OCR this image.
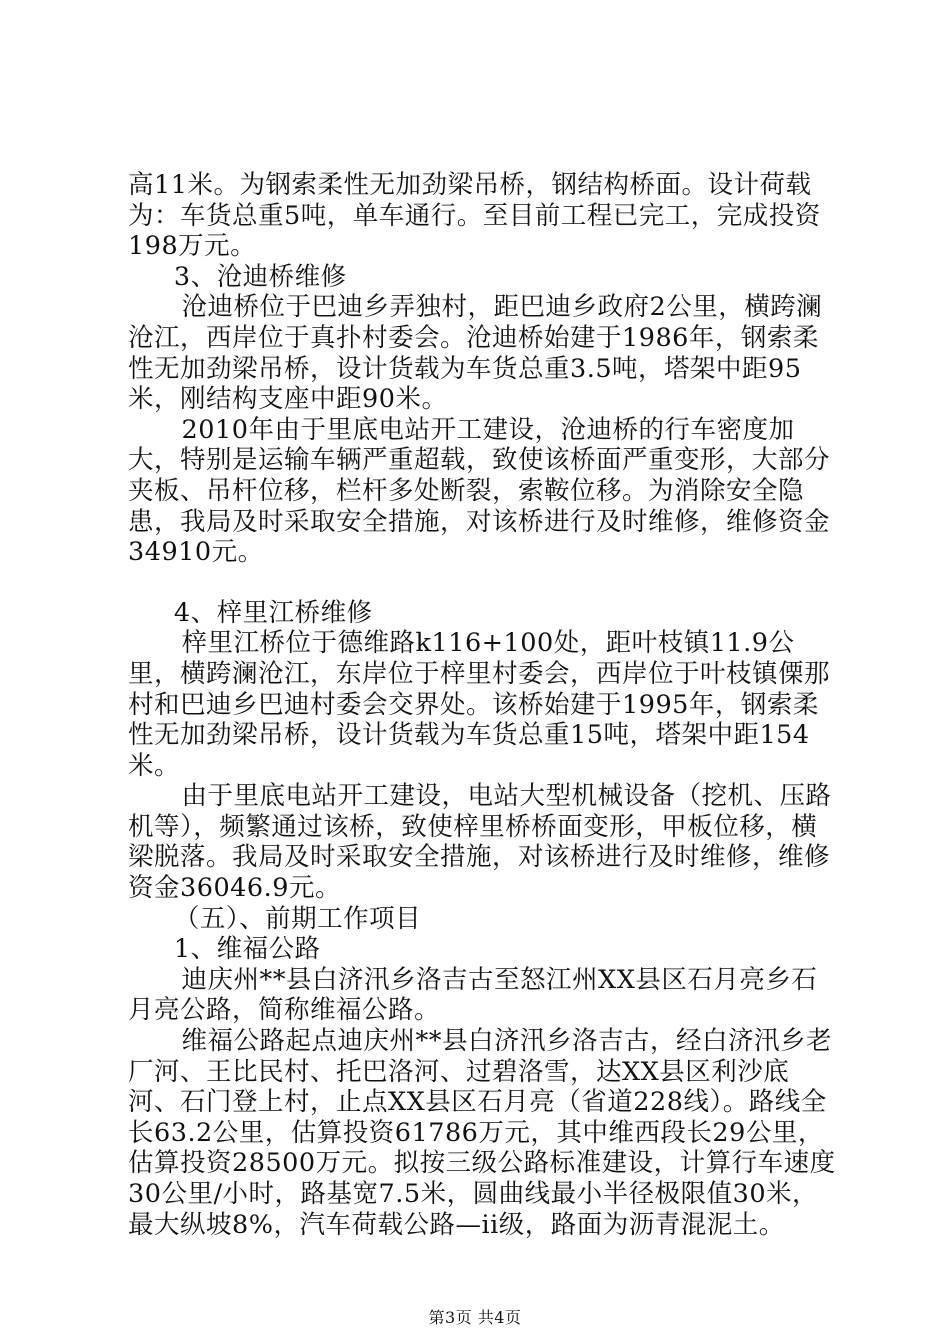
高11米。为钢索柔性无加劲梁吊桥，钢结构桥面。设计荷载为：车货总重5吨，单车通行。至目前工程已完工，完成投资198万元。

3、沧迪桥维修

沧迪桥位于巴迪乡弄独村，距巴迪乡政府2公里，横跨澜沧江，西岸位于真扑村委会。沧迪桥始建于1986年，钢索柔性无加劲梁吊桥，设计货载为车货总重3.5吨，塔架中距95米，刚结构支座中距90米。

2010年由于里底电站开工建设，沧迪桥的行车密度加大，特别是运输车辆严重超载，致使该桥面严重变形，大部分夹板、吊杆位移，栏杆多处断裂，索鞍位移。为消除安全隐患，我局及时采取安全措施，对该桥进行及时维修，维修资金34910元。

4、梓里江桥维修

梓里江桥位于德维路k116+100处，距叶枝镇11.9公里，横跨澜沧江，东岸位于梓里村委会，西岸位于叶枝镇傈那村和巴迪乡巴迪村委会交界处。该桥始建于1995年，钢索柔性无加劲梁吊桥，设计货载为车货总重15吨，塔架中距154米。

由于里底电站开工建设，电站大型机械设备（挖机、压路机等），频繁通过该桥，致使梓里桥桥面变形，甲板位移，横梁脱落。我局及时采取安全措施，对该桥进行及时维修，维修资金36046.9元。

（五）、前期工作项目

1、维福公路

迪庆州**县白济汛乡洛吉古至怒江州XX县区石月亮乡石月亮公路，简称维福公路。

维福公路起点迪庆州**县白济汛乡洛吉古，经白济汛乡老厂河、王比民村、托巴洛河、过碧洛雪，达XX县区利沙底河、石门登上村，止点XX县区石月亮（省道228线）。路线全长63.2公里，估算投资61786万元，其中维西段长29公里，估算投资28500万元。拟按三级公路标准建设，计算行车速度30公里/小时，路基宽7.5米，圆曲线最小半径极限值30米，最大纵坡8%，汽车荷载公路—ii级，路面为沥青混泥土。

第3页 共4页
